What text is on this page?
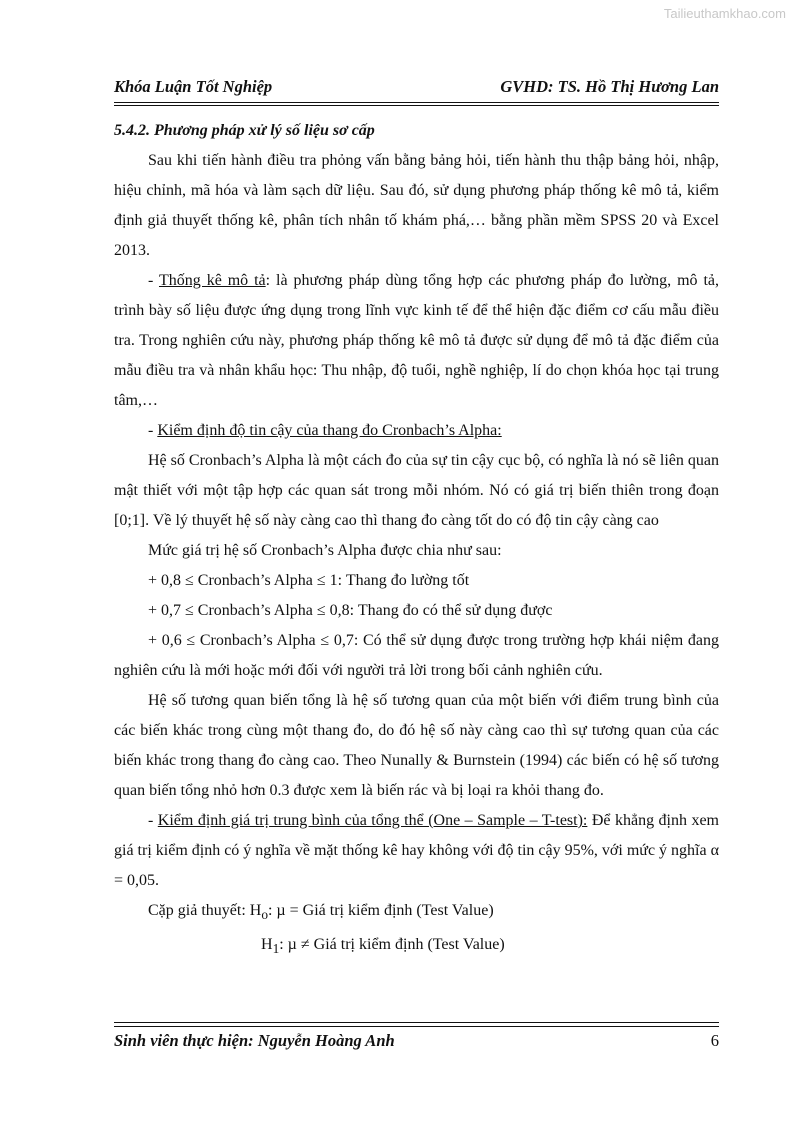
Tailieuthamkhao.com
Khóa Luận Tốt Nghiệp	GVHD: TS. Hồ Thị Hương Lan

5.4.2. Phương pháp xử lý số liệu sơ cấp

Sau khi tiến hành điều tra phỏng vấn bằng bảng hỏi, tiến hành thu thập bảng hỏi, nhập, hiệu chỉnh, mã hóa và làm sạch dữ liệu. Sau đó, sử dụng phương pháp thống kê mô tả, kiểm định giả thuyết thống kê, phân tích nhân tố khám phá,… bằng phần mềm SPSS 20 và Excel 2013.

- Thống kê mô tả: là phương pháp dùng tổng hợp các phương pháp đo lường, mô tả, trình bày số liệu được ứng dụng trong lĩnh vực kinh tế để thể hiện đặc điểm cơ cấu mẫu điều tra. Trong nghiên cứu này, phương pháp thống kê mô tả được sử dụng để mô tả đặc điểm của mẫu điều tra và nhân khẩu học: Thu nhập, độ tuổi, nghề nghiệp, lí do chọn khóa học tại trung tâm,…

- Kiểm định độ tin cậy của thang đo Cronbach’s Alpha:

Hệ số Cronbach’s Alpha là một cách đo của sự tin cậy cục bộ, có nghĩa là nó sẽ liên quan mật thiết với một tập hợp các quan sát trong mỗi nhóm. Nó có giá trị biến thiên trong đoạn [0;1]. Về lý thuyết hệ số này càng cao thì thang đo càng tốt do có độ tin cậy càng cao

Mức giá trị hệ số Cronbach’s Alpha được chia như sau:

+ 0,8 ≤ Cronbach’s Alpha ≤ 1: Thang đo lường tốt

+ 0,7 ≤ Cronbach’s Alpha ≤ 0,8: Thang đo có thể sử dụng được

+ 0,6 ≤ Cronbach’s Alpha ≤ 0,7: Có thể sử dụng được trong trường hợp khái niệm đang nghiên cứu là mới hoặc mới đối với người trả lời trong bối cảnh nghiên cứu.

Hệ số tương quan biến tổng là hệ số tương quan của một biến với điểm trung bình của các biến khác trong cùng một thang đo, do đó hệ số này càng cao thì sự tương quan của các biến khác trong thang đo càng cao. Theo Nunally & Burnstein (1994) các biến có hệ số tương quan biến tổng nhỏ hơn 0.3 được xem là biến rác và bị loại ra khỏi thang đo.

- Kiểm định giá trị trung bình của tổng thể (One – Sample – T-test): Để khẳng định xem giá trị kiểm định có ý nghĩa về mặt thống kê hay không với độ tin cậy 95%, với mức ý nghĩa α = 0,05.

Cặp giả thuyết: $H_o$: µ = Giá trị kiểm định (Test Value)

$H_1$: µ ≠ Giá trị kiểm định (Test Value)

Sinh viên thực hiện: Nguyễn Hoàng Anh	6
